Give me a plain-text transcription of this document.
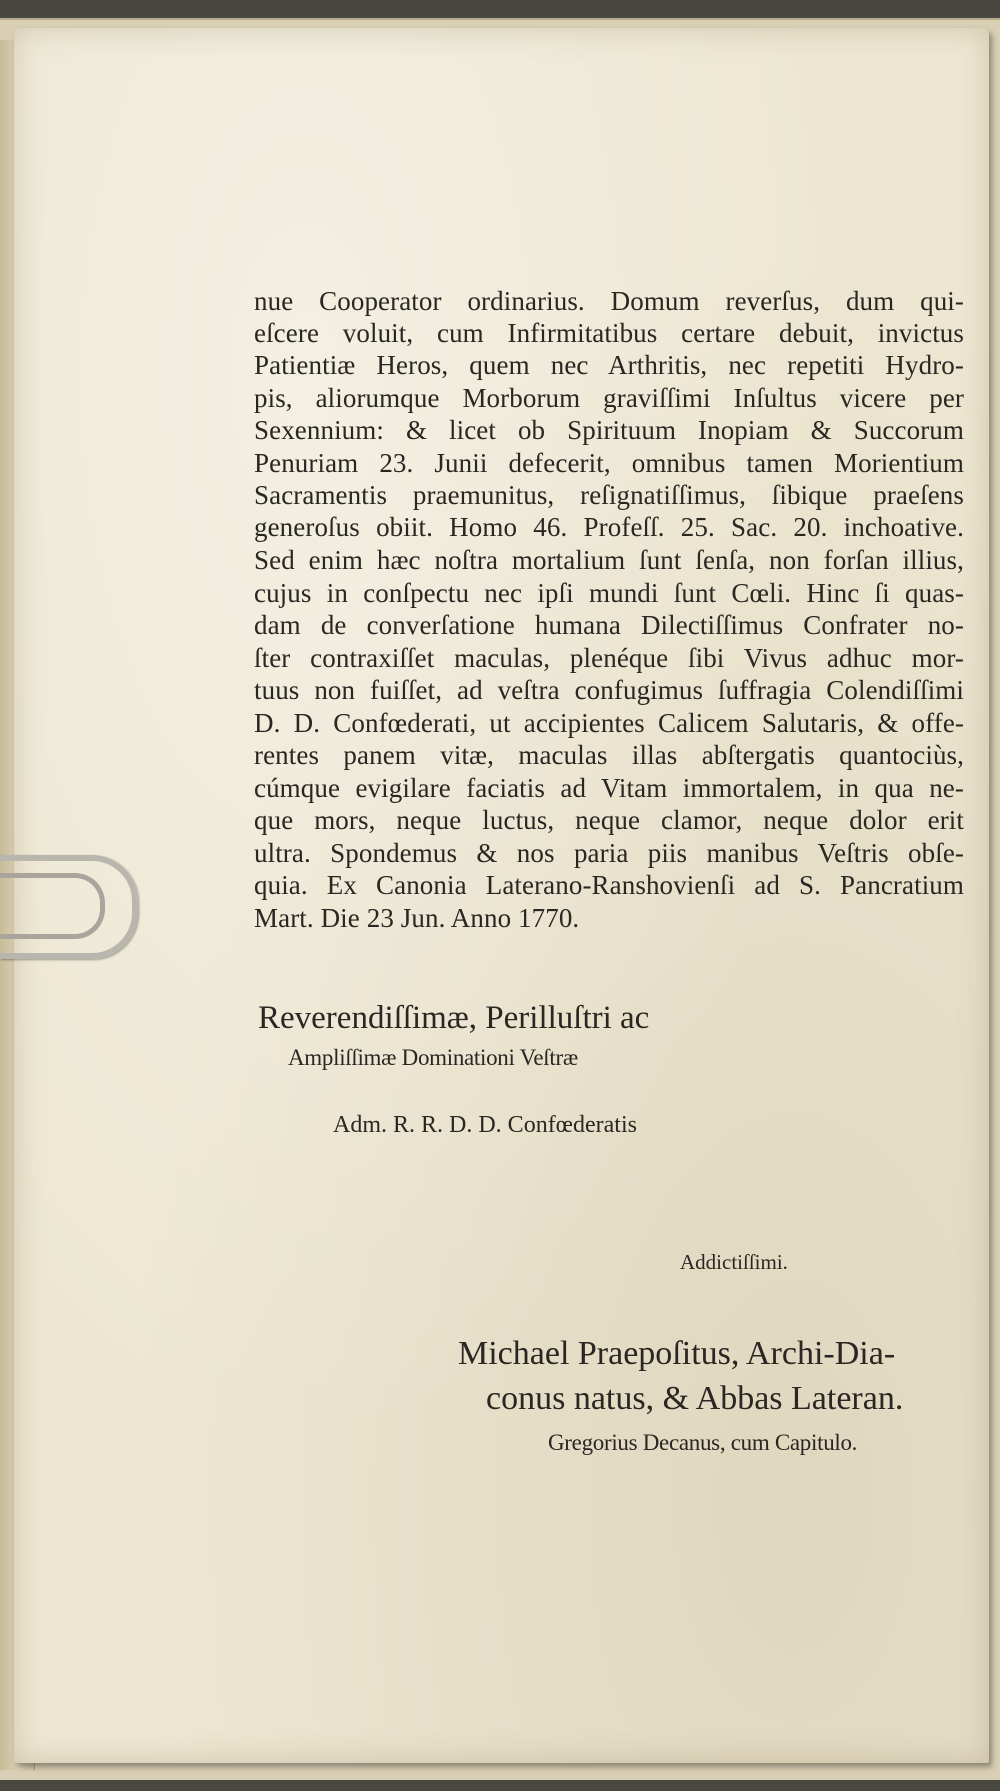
nue Cooperator ordinarius. Domum reverſus, dum qui-
eſcere voluit, cum Infirmitatibus certare debuit, invictus
Patientiæ Heros, quem nec Arthritis, nec repetiti Hydro-
pis, aliorumque Morborum graviſſimi Inſultus vicere per
Sexennium: & licet ob Spirituum Inopiam & Succorum
Penuriam 23. Junii defecerit, omnibus tamen Morientium
Sacramentis praemunitus, reſignatiſſimus, ſibique praeſens
generoſus obiit. Homo 46. Profeſſ. 25. Sac. 20. inchoative.
Sed enim hæc noſtra mortalium ſunt ſenſa, non forſan illius,
cujus in conſpectu nec ipſi mundi ſunt Cœli. Hinc ſi quas-
dam de converſatione humana Dilectiſſimus Confrater no-
ſter contraxiſſet maculas, plenéque ſibi Vivus adhuc mor-
tuus non fuiſſet, ad veſtra confugimus ſuffragia Colendiſſimi
D. D. Confœderati, ut accipientes Calicem Salutaris, & offe-
rentes panem vitæ, maculas illas abſtergatis quantociùs,
cúmque evigilare faciatis ad Vitam immortalem, in qua ne-
que mors, neque luctus, neque clamor, neque dolor erit
ultra. Spondemus & nos paria piis manibus Veſtris obſe-
quia. Ex Canonia Laterano-Ranshovienſi ad S. Pancratium
Mart. Die 23 Jun. Anno 1770.
Reverendiſſimæ, Perilluſtri ac
Ampliſſimæ Dominationi Veſtræ
Adm. R. R. D. D. Confœderatis
Addictiſſimi.
Michael Praepoſitus, Archi-Dia-
conus natus, & Abbas Lateran.
Gregorius Decanus, cum Capitulo.
